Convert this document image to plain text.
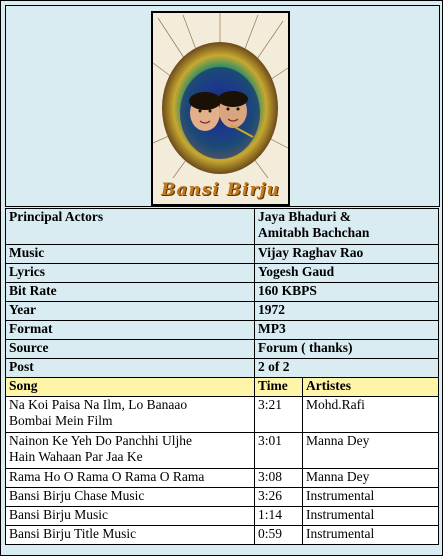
Bansi Birju
Principal Actors	Jaya Bhaduri &
Amitabh Bachchan	
Music	Vijay Raghav Rao	
Lyrics	Yogesh Gaud	
Bit Rate	160 KBPS	
Year	1972	
Format	MP3	
Source	Forum ( thanks)	
Post	2 of 2	
Song	Time	Artistes
Na Koi Paisa Na Ilm, Lo Banaao
Bombai Mein Film	3:21	Mohd.Rafi
Nainon Ke Yeh Do Panchhi Uljhe
Hain Wahaan Par Jaa Ke	3:01	Manna Dey
Rama Ho O Rama O Rama O Rama	3:08	Manna Dey
Bansi Birju Chase Music	3:26	Instrumental
Bansi Birju Music	1:14	Instrumental
Bansi Birju Title Music	0:59	Instrumental
